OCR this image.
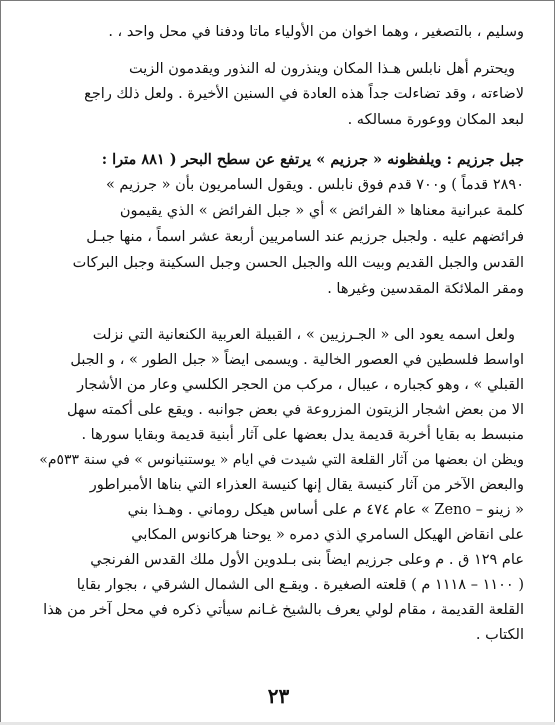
وسليم ، بالتصغير ، وهما اخوان من الأولياء ماتا ودفنا في محل واحد ، .
ويحترم أهل نابلس هـذا المكان وينذرون له النذور ويقدمون الزيت
لاضاءته ، وقد تضاءلت جداً هذه العادة في السنين الأخيرة . ولعل ذلك راجع
لبعد المكان ووعورة مسالكه .
جبل جرزيم : ويلفظونه « جرزيم » يرتفع عن سطح البحر ( ۸۸۱ مترا :
٢٨٩٠ قدماً ) و٧٠٠ قدم فوق نابلس . ويقول السامريون بأن « جرزيم »
كلمة عبرانية معناها « الفرائض » أي « جبل الفرائض » الذي يقيمون
فرائضهم عليه . ولجبل جرزيم عند السامريين أربعة عشر اسماً ، منها جبـل
القدس والجبل القديم وبيت الله والجبل الحسن وجبل السكينة وجبل البركات
ومقر الملائكة المقدسين وغيرها .
ولعل اسمه يعود الى « الجـرزيين » ، القبيلة العربية الكنعانية التي نزلت
اواسط فلسطين في العصور الخالية . ويسمى ايضاً « جبل الطور » ، و الجبل
القبلي » ، وهو كجباره ، عيبال ، مركب من الحجر الكلسي وعار من الأشجار
الا من بعض اشجار الزيتون المزروعة في بعض جوانبه . ويقع على أكمته سهل
منبسط به بقايا أخربة قديمة يدل بعضها على آثار أبنية قديمة وبقايا سورها .
ويظن ان بعضها من آثار القلعة التي شيدت في ايام « يوستنيانوس » في سنة ٥٣٣م»
والبعض الآخر من آثار كنيسة يقال إنها كنيسة العذراء التي بناها الأمبراطور
« زينو – Zeno » عام ٤٧٤ م على أساس هيكل روماني . وهـذا بني
على انقاض الهيكل السامري الذي دمره « يوحنا هركانوس المكابي
عام ١٢٩ ق . م وعلى جرزيم ايضاً بنى بـلدوين الأول ملك القدس الفرنجي
( ١١٠٠ – ١١١٨ م ) قلعته الصغيرة . ويقـع الى الشمال الشرقي ، بجوار بقايا
القلعة القديمة ، مقام لولي يعرف بالشيخ غـانم سيأتي ذكره في محل آخر من هذا
الكتاب .
٢٣
